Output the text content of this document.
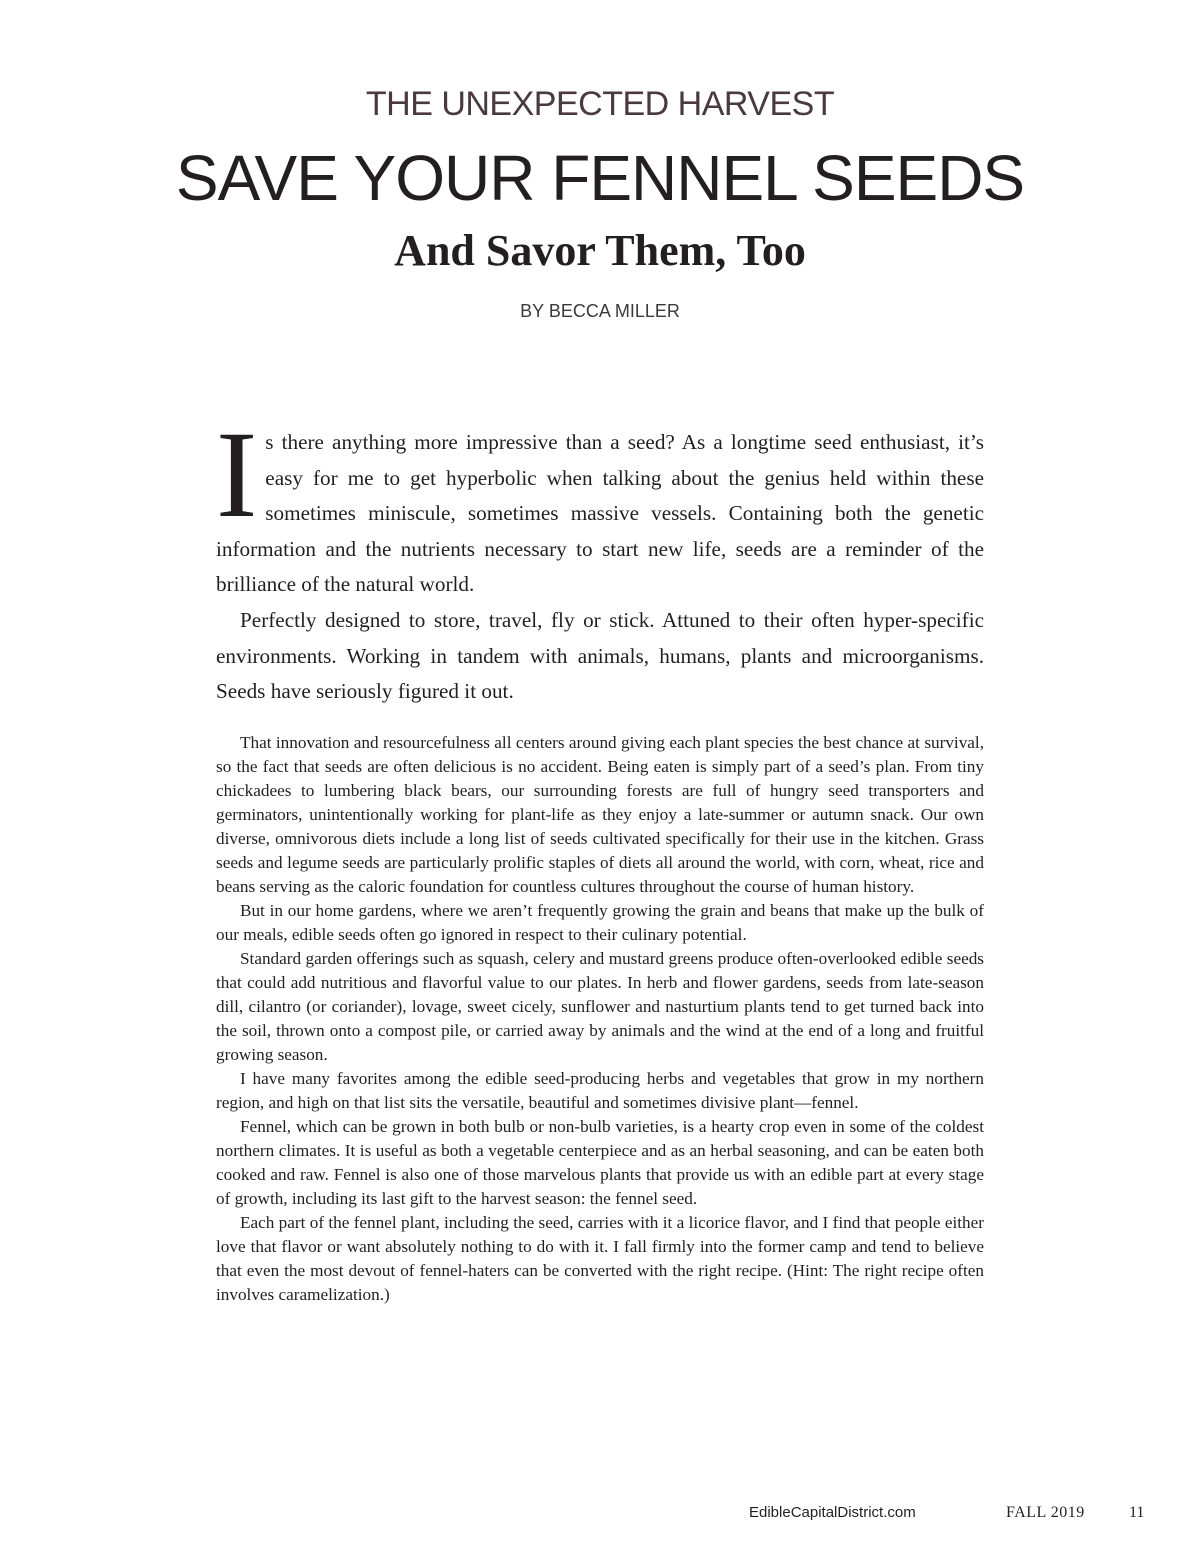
THE UNEXPECTED HARVEST
SAVE YOUR FENNEL SEEDS
And Savor Them, Too
BY BECCA MILLER

Is there anything more impressive than a seed? As a longtime seed enthusiast, it’s easy for me to get hyperbolic when talking about the genius held within these sometimes miniscule, sometimes massive vessels. Containing both the genetic information and the nutrients necessary to start new life, seeds are a reminder of the brilliance of the natural world.

Perfectly designed to store, travel, fly or stick. Attuned to their often hyper-specific environments. Working in tandem with animals, humans, plants and microorganisms. Seeds have seriously figured it out.

That innovation and resourcefulness all centers around giving each plant species the best chance at survival, so the fact that seeds are often delicious is no accident. Being eaten is simply part of a seed’s plan. From tiny chickadees to lumbering black bears, our surrounding forests are full of hungry seed transporters and germinators, unintentionally working for plant-life as they enjoy a late-summer or autumn snack. Our own diverse, omnivorous diets include a long list of seeds cultivated specifically for their use in the kitchen. Grass seeds and legume seeds are particularly prolific staples of diets all around the world, with corn, wheat, rice and beans serving as the caloric foundation for countless cultures throughout the course of human history.

But in our home gardens, where we aren’t frequently growing the grain and beans that make up the bulk of our meals, edible seeds often go ignored in respect to their culinary potential.

Standard garden offerings such as squash, celery and mustard greens produce often-overlooked edible seeds that could add nutritious and flavorful value to our plates. In herb and flower gardens, seeds from late-season dill, cilantro (or coriander), lovage, sweet cicely, sunflower and nasturtium plants tend to get turned back into the soil, thrown onto a compost pile, or carried away by animals and the wind at the end of a long and fruitful growing season.

I have many favorites among the edible seed-producing herbs and vegetables that grow in my northern region, and high on that list sits the versatile, beautiful and sometimes divisive plant—fennel.

Fennel, which can be grown in both bulb or non-bulb varieties, is a hearty crop even in some of the coldest northern climates. It is useful as both a vegetable centerpiece and as an herbal seasoning, and can be eaten both cooked and raw. Fennel is also one of those marvelous plants that provide us with an edible part at every stage of growth, including its last gift to the harvest season: the fennel seed.

Each part of the fennel plant, including the seed, carries with it a licorice flavor, and I find that people either love that flavor or want absolutely nothing to do with it. I fall firmly into the former camp and tend to believe that even the most devout of fennel-haters can be converted with the right recipe. (Hint: The right recipe often involves caramelization.)

EdibleCapitalDistrict.com	FALL 2019	11
